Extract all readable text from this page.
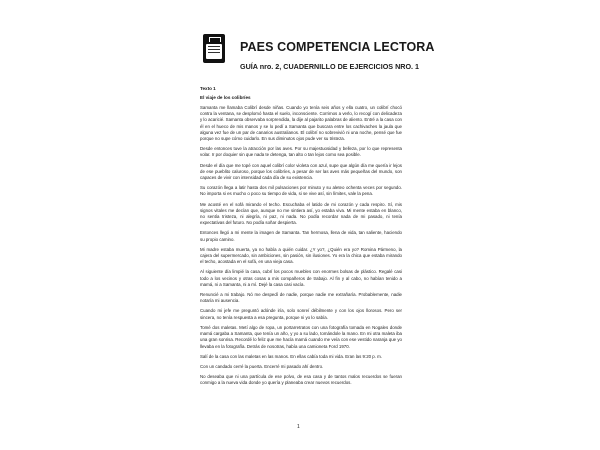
PAES COMPETENCIA LECTORA
GUÍA nro. 2, CUADERNILLO DE EJERCICIOS NRO. 1

Texto 1

El viaje de los colibríes

Samanta me llamaba Colibrí desde niñas. Cuando yo tenía seis años y ella cuatro, un colibrí chocó contra la ventana, se desplomó hasta el suelo, inconsciente. Corrimos a verlo, lo recogí con delicadeza y lo acaricié. Samanta observaba sorprendida, la dije al pajarito palabras de aliento. Entré a la casa con él en el hueco de mis manos y se lo pedí a Samanta que buscara entre los cachivaches la jaula que alguna vez fue de un par de canarios australianos. El colibrí no sobrevivió ni una noche, pensé que fue porque no supe cómo cuidarlo. En sus diminutos ojos pude ver su tristeza.

Desde entonces tuve la atracción por las aves. Por su majestuosidad y belleza, por lo que representa volar. Ir por doquier sin que nada te detenga, tan alto o tan lejos como sea posible.

Desde el día que me topé con aquel colibrí color violeta con azul, supe que algún día me quería ir lejos de ese pueblito caluroso, porque los colibríes, a pesar de ser las aves más pequeñas del mundo, son capaces de vivir con intensidad cada día de su existencia.

Su corazón llega a latir hasta dos mil pulsaciones por minuto y su aleteo ochenta veces por segundo. No importa si es mucho o poco su tiempo de vida, si se vive así, sin límites, vale la pena.

Me acosté en el sofá mirando el techo. Escuchaba el latido de mi corazón y cada respiro. Sí, mis signos vitales me decían que, aunque no me sintiera así, yo estaba viva. Mi mente estaba en blanco, no sentía tristeza, ni alegría, ni paz, ni nada. No podía recordar nada de mi pasado, ni tenía expectativas del futuro. No podía soñar despierta.

Entonces llegó a mi mente la imagen de Samanta. Tan hermosa, llena de vida, tan saliente, haciendo su propio camino.

Mi madre estaba muerta, ya no había a quién cuidar. ¿Y yo?, ¿Quién era yo? Romina Pármeno, la cajera del supermercado, sin ambiciones, sin pasión, sin ilusiones. Yo era la chica que estaba mirando el techo, acostada en el sofá, en una vieja casa.

Al siguiente día limpié la casa, cubrí los pocos muebles con enormes bolsas de plástico. Regalé casi todo a los vecinos y otras cosas a mis compañeros de trabajo. Al fin y al cabo, no habían tenido a mamá, ni a Samanta, ni a mí. Dejé la casa casi vacía.

Renuncié a mi trabajo. Nó me despedí de nadie, porque nadie me extrañaría. Probablemente, nadie notaría mi ausencia.

Cuando mi jefe me preguntó adónde iría, solo sonreí débilmente y con los ojos llorosos. Pero ser sincera, no tenía respuesta a esa pregunta, porque ni yo lo sabía.

Tomé dos maletas. Metí algo de ropa, un portarretratos con una fotografía tomada en Nogales donde mamá cargaba a Samanta, que tenía un año, y yo a su lado, tomándole la mano. En mi otra maleta iba una gran sonrisa. Recordé lo feliz que me hacía mamá cuando me veía con ese vestido naranja que yo llevaba en la fotografía. Detrás de nosotras, había una camioneta Ford 1970.

Salí de la casa con las maletas en las manos. En ellas cabía toda mi vida. Eran las 9:20 p. m.

Con un candado cerré la puerta. Encerré mi pasado ahí dentro.

No deseaba que ni una partícula de ese polvo, de esa casa y de tantos malos recuerdos se fueran conmigo a la nueva vida donde yo quería y planeaba crear nuevos recuerdos.

1
